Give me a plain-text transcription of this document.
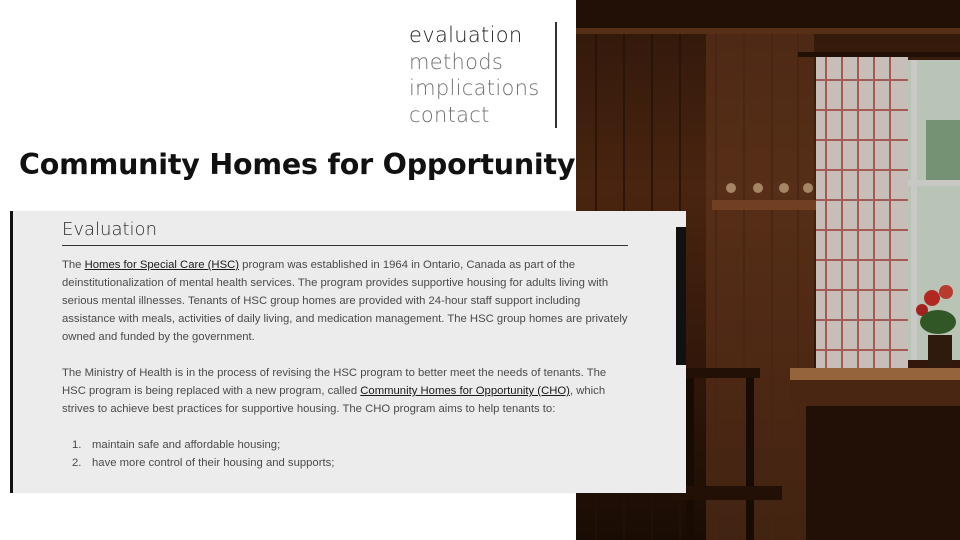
evaluation
methods
implications
contact
Community Homes for Opportunity
Evaluation

The Homes for Special Care (HSC) program was established in 1964 in Ontario, Canada as part of the deinstitutionalization of mental health services. The program provides supportive housing for adults living with serious mental illnesses. Tenants of HSC group homes are provided with 24-hour staff support including assistance with meals, activities of daily living, and medication management. The HSC group homes are privately owned and funded by the government.

The Ministry of Health is in the process of revising the HSC program to better meet the needs of tenants. The HSC program is being replaced with a new program, called Community Homes for Opportunity (CHO), which strives to achieve best practices for supportive housing. The CHO program aims to help tenants to:

1. maintain safe and affordable housing;
2. have more control of their housing and supports;
